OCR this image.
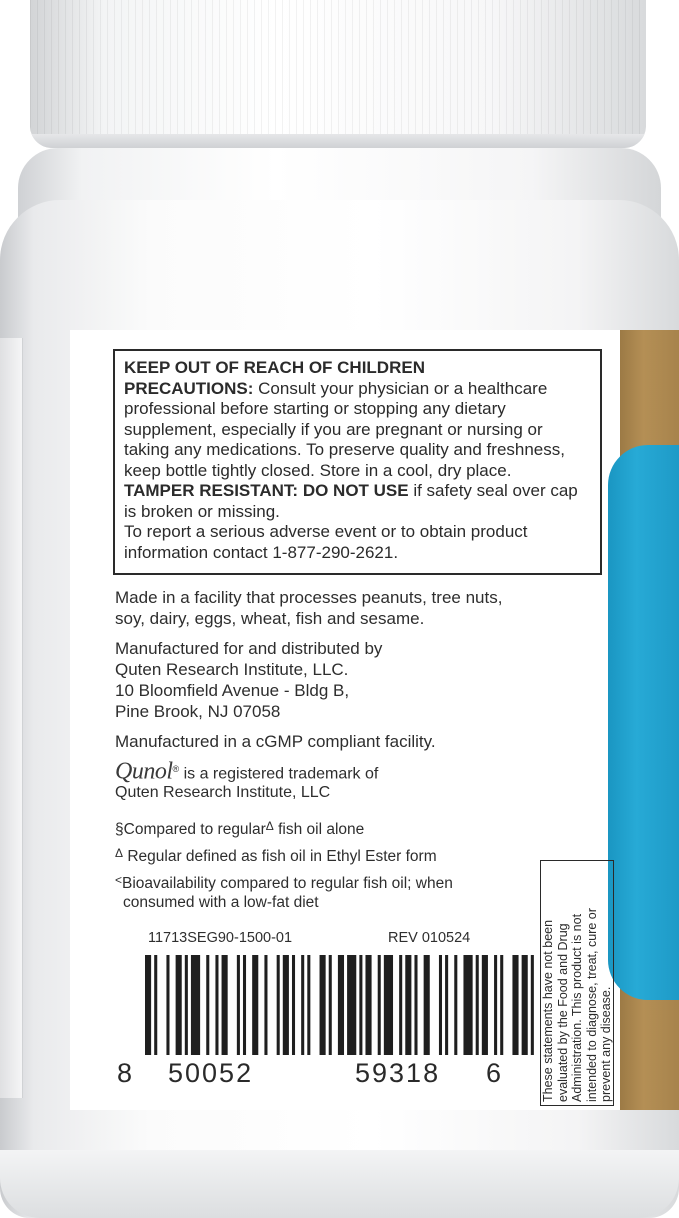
KEEP OUT OF REACH OF CHILDREN

PRECAUTIONS: Consult your physician or a healthcare professional before starting or stopping any dietary supplement, especially if you are pregnant or nursing or taking any medications. To preserve quality and freshness, keep bottle tightly closed. Store in a cool, dry place.

TAMPER RESISTANT: DO NOT USE if safety seal over cap is broken or missing.

To report a serious adverse event or to obtain product information contact 1-877-290-2621.

Made in a facility that processes peanuts, tree nuts, soy, dairy, eggs, wheat, fish and sesame.

Manufactured for and distributed by

Quten Research Institute, LLC.

10 Bloomfield Avenue - Bldg B,

Pine Brook, NJ 07058

Manufactured in a cGMP compliant facility.

Qunol® is a registered trademark of
Quten Research Institute, LLC

§Compared to regular$^\Delta$ fish oil alone

$^\Delta$ Regular defined as fish oil in Ethyl Ester form

<Bioavailability compared to regular fish oil; when

consumed with a low-fat diet

11713SEG90-1500-01	REV 010524
8 50052	59318 6	These statements have not been evaluated by the Food and Drug Administration. This product is not intended to diagnose, treat, cure or prevent any disease.
